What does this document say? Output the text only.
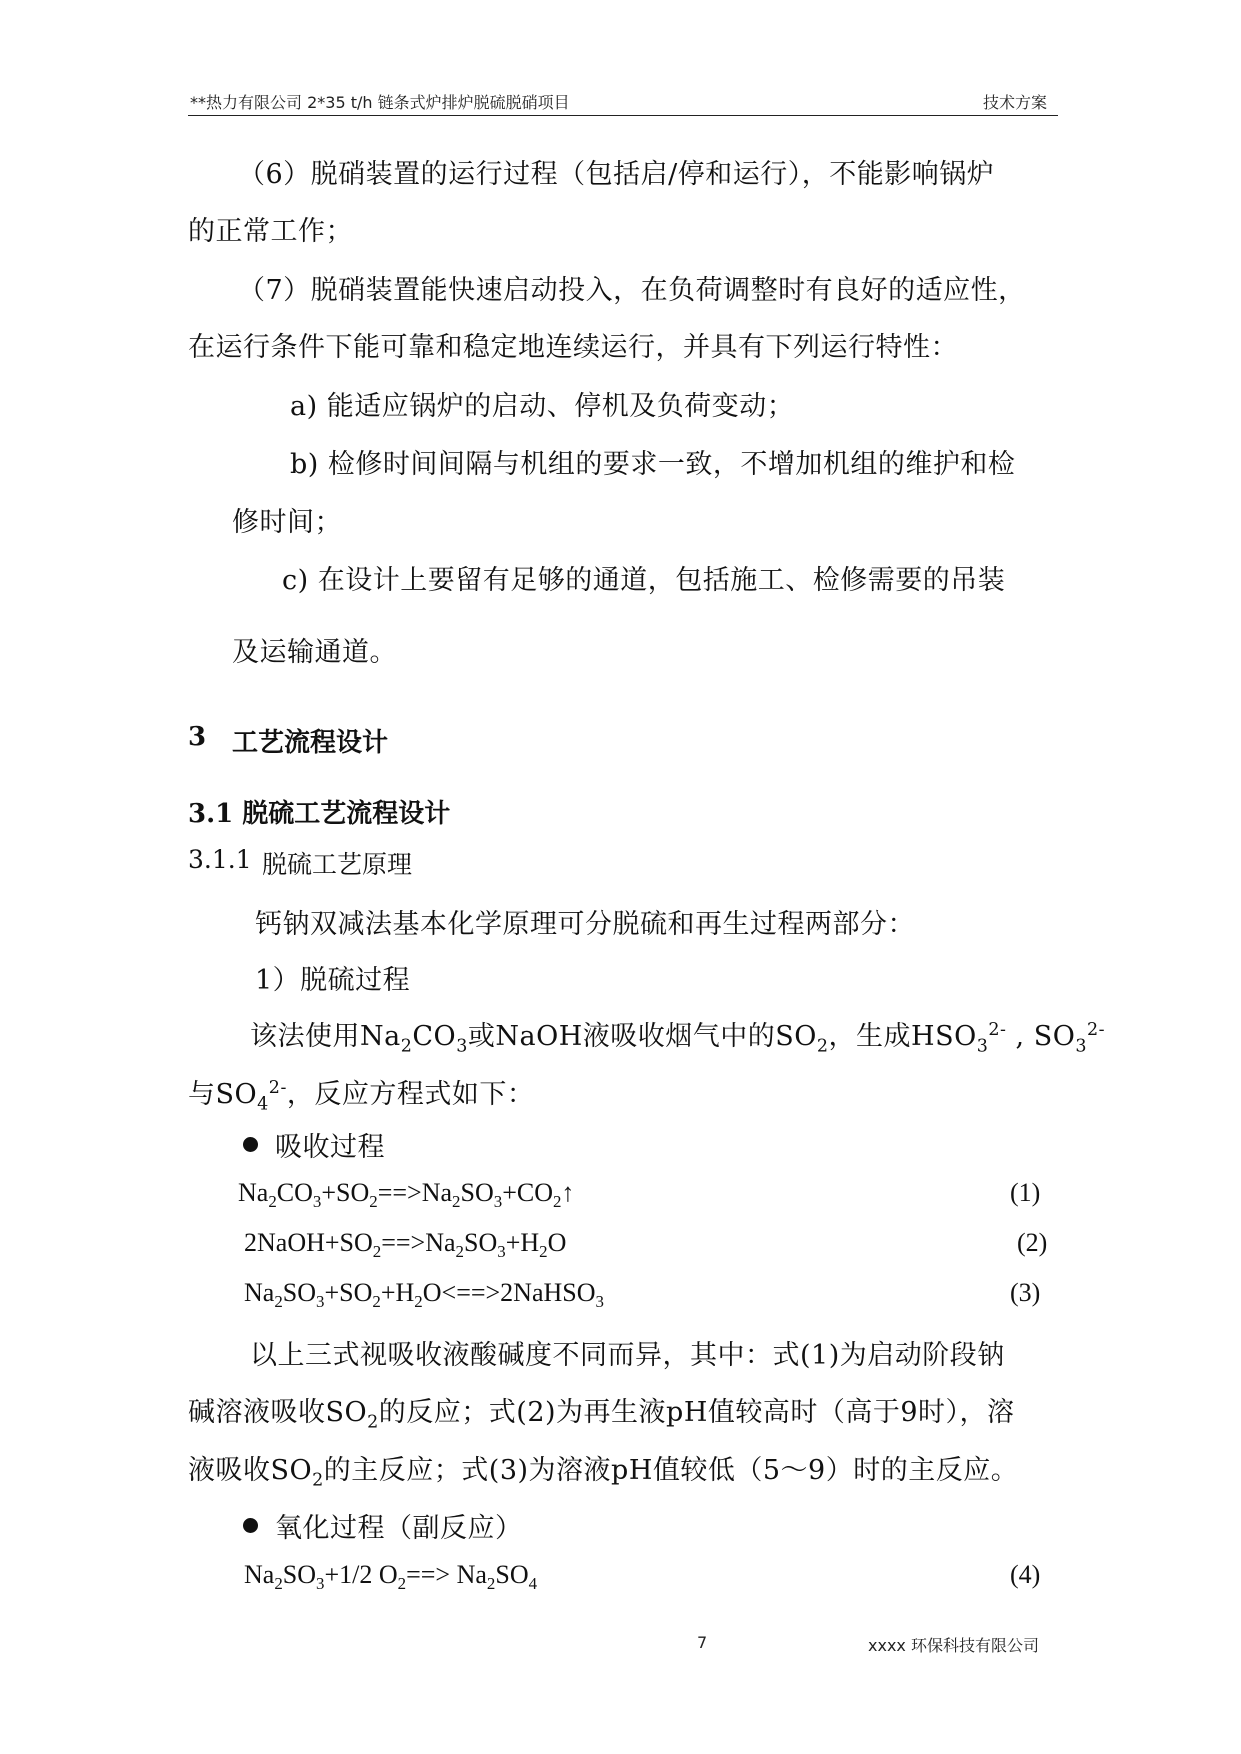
**热力有限公司 2*35 t/h 链条式炉排炉脱硫脱硝项目	技术方案
（6）脱硝装置的运行过程（包括启/停和运行），不能影响锅炉
的正常工作；
（7）脱硝装置能快速启动投入，在负荷调整时有良好的适应性，
在运行条件下能可靠和稳定地连续运行，并具有下列运行特性：
a) 能适应锅炉的启动、停机及负荷变动；
b) 检修时间间隔与机组的要求一致，不增加机组的维护和检
修时间；
c) 在设计上要留有足够的通道，包括施工、检修需要的吊装
及运输通道。
3 工艺流程设计
3.1 脱硫工艺流程设计
3.1.1 脱硫工艺原理
钙钠双减法基本化学原理可分脱硫和再生过程两部分：
1）脱硫过程
该法使用$Na_2CO_3$或NaOH液吸收烟气中的$SO_2$，生成$HSO_3^{2-}$ , $SO_3^{2-}$
与$SO_4^{2-}$，反应方程式如下：
吸收过程
$Na_2CO_3+SO_2==>Na_2SO_3+CO_2↑$	(1)
$2NaOH+SO_2==>Na_2SO_3+H_2O$	(2)
$Na_2SO_3+SO_2+H_2O<==>2NaHSO_3$	(3)
以上三式视吸收液酸碱度不同而异，其中：式(1)为启动阶段钠
碱溶液吸收$SO_2$的反应；式(2)为再生液pH值较高时（高于9时），溶
液吸收$SO_2$的主反应；式(3)为溶液pH值较低（5～9）时的主反应。
氧化过程（副反应）
$Na_2SO_3+1/2$ $O_2==> Na_2SO_4$	(4)
7	xxxx 环保科技有限公司
